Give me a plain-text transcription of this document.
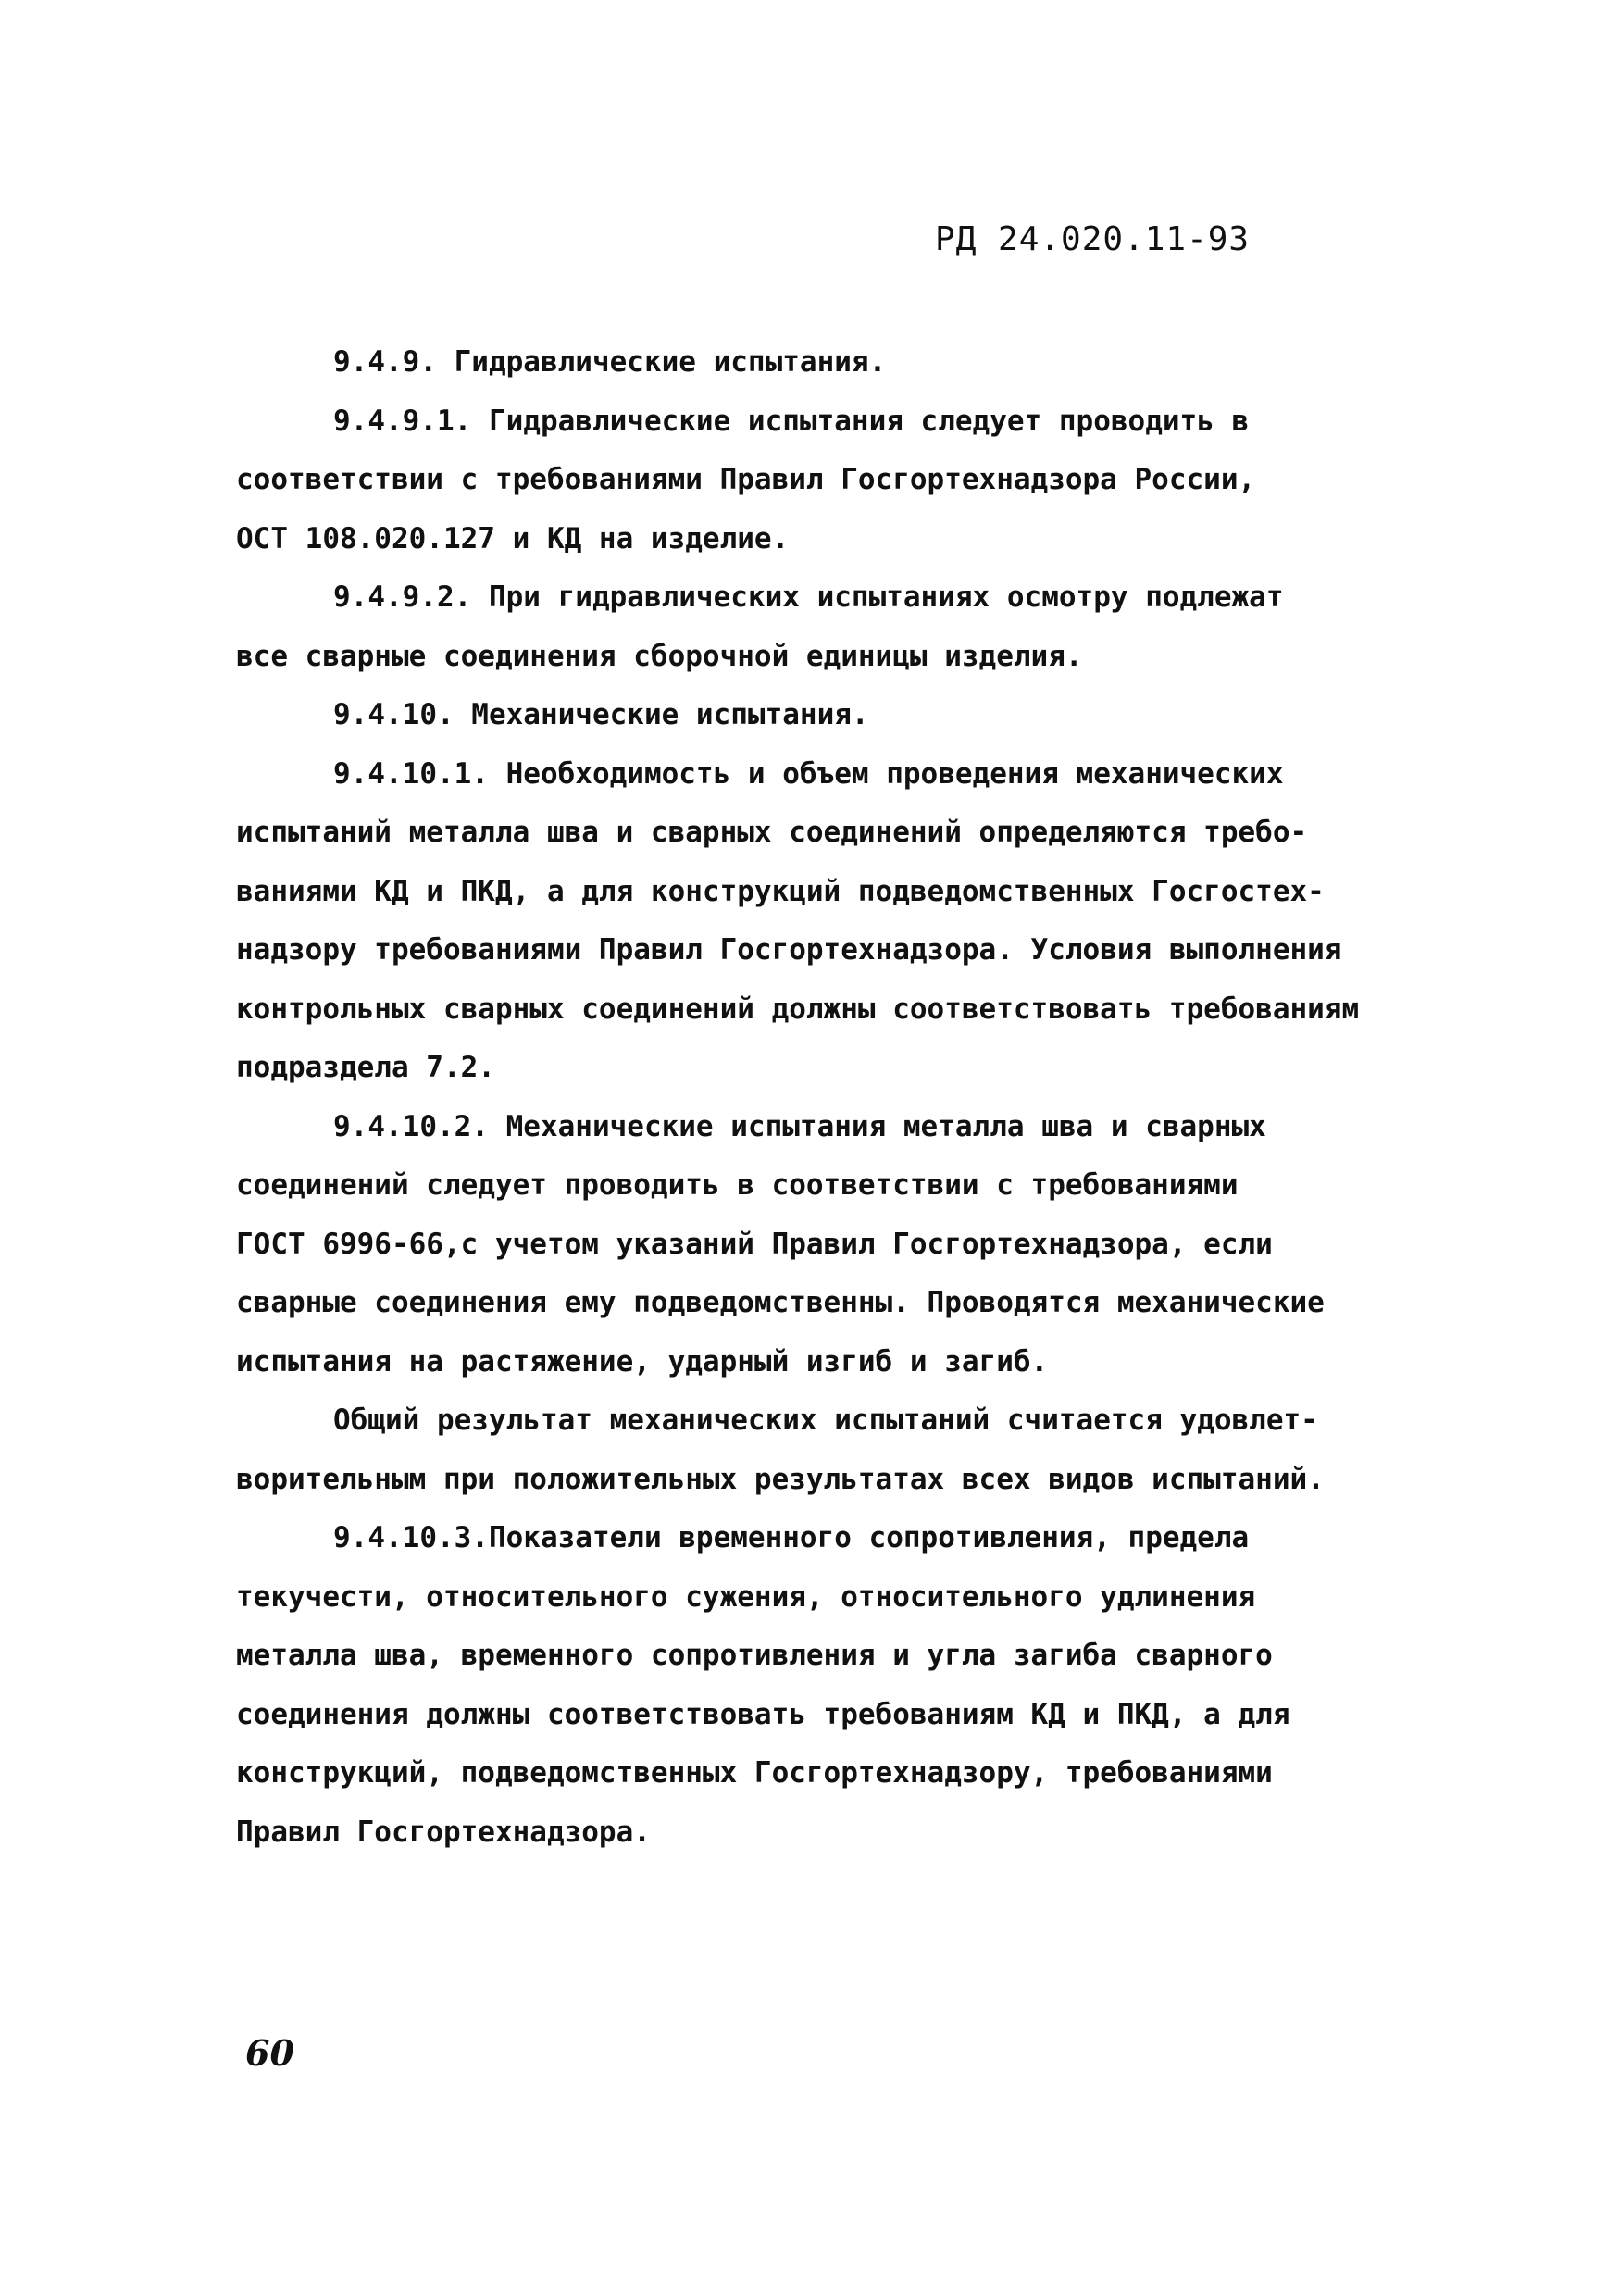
РД 24.020.11-93
9.4.9. Гидравлические испытания.
9.4.9.1. Гидравлические испытания следует проводить в
соответствии с требованиями Правил Госгортехнадзора России,
ОСТ 108.020.127 и КД на изделие.
9.4.9.2. При гидравлических испытаниях осмотру подлежат
все сварные соединения сборочной единицы изделия.
9.4.10. Механические испытания.
9.4.10.1. Необходимость и объем проведения механических
испытаний металла шва и сварных соединений определяются требо-
ваниями КД и ПКД, а для конструкций подведомственных Госгостех-
надзору требованиями Правил Госгортехнадзора. Условия выполнения
контрольных сварных соединений должны соответствовать требованиям
подраздела 7.2.
9.4.10.2. Механические испытания металла шва и сварных
соединений следует проводить в соответствии с требованиями
ГОСТ 6996-66,с учетом указаний Правил Госгортехнадзора, если
сварные соединения ему подведомственны. Проводятся механические
испытания на растяжение, ударный изгиб и загиб.
Общий результат механических испытаний считается удовлет-
ворительным при положительных результатах всех видов испытаний.
9.4.10.3.Показатели временного сопротивления, предела
текучести, относительного сужения, относительного удлинения
металла шва, временного сопротивления и угла загиба сварного
соединения должны соответствовать требованиям КД и ПКД, а для
конструкций, подведомственных Госгортехнадзору, требованиями
Правил Госгортехнадзора.
60
